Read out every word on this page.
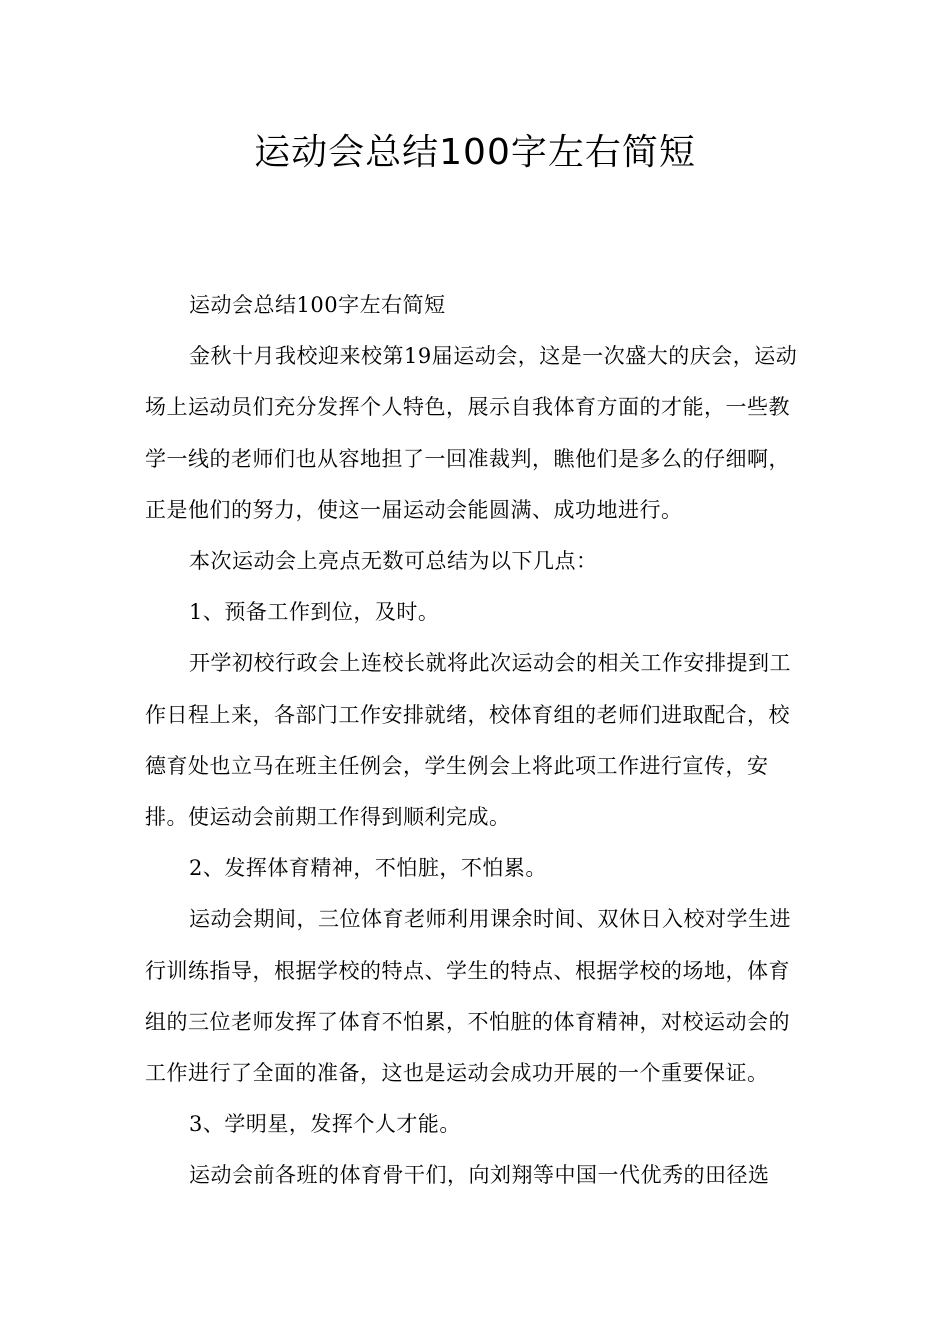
运动会总结100字左右简短

运动会总结100字左右简短

金秋十月我校迎来校第19届运动会，这是一次盛大的庆会，运动场上运动员们充分发挥个人特色，展示自我体育方面的才能，一些教学一线的老师们也从容地担了一回准裁判，瞧他们是多么的仔细啊，正是他们的努力，使这一届运动会能圆满、成功地进行。

本次运动会上亮点无数可总结为以下几点：

1、预备工作到位，及时。

开学初校行政会上连校长就将此次运动会的相关工作安排提到工作日程上来，各部门工作安排就绪，校体育组的老师们进取配合，校德育处也立马在班主任例会，学生例会上将此项工作进行宣传，安排。使运动会前期工作得到顺利完成。

2、发挥体育精神，不怕脏，不怕累。

运动会期间，三位体育老师利用课余时间、双休日入校对学生进行训练指导，根据学校的特点、学生的特点、根据学校的场地，体育组的三位老师发挥了体育不怕累，不怕脏的体育精神，对校运动会的工作进行了全面的准备，这也是运动会成功开展的一个重要保证。

3、学明星，发挥个人才能。

运动会前各班的体育骨干们，向刘翔等中国一代优秀的田径选
